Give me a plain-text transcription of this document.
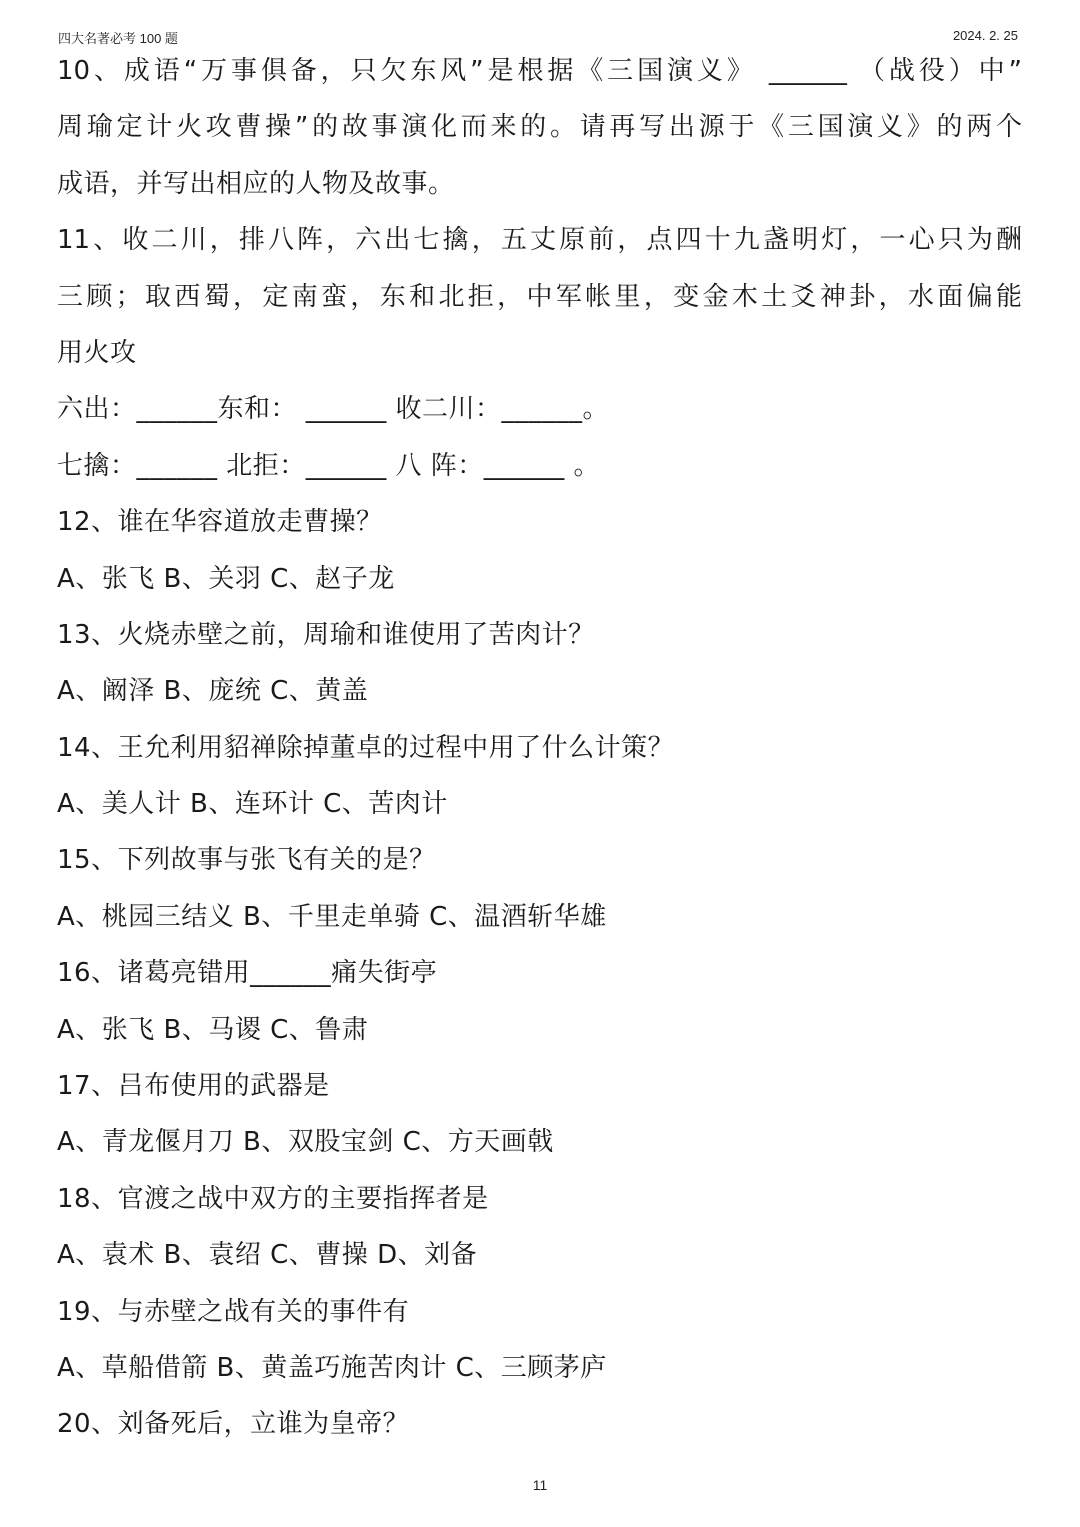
四大名著必考 100 题	2024. 2. 25
10、成语“万事俱备，只欠东风”是根据《三国演义》 ______ （战役）中”
周瑜定计火攻曹操”的故事演化而来的。请再写出源于《三国演义》的两个
成语，并写出相应的人物及故事。
11、收二川，排八阵，六出七擒，五丈原前，点四十九盏明灯，一心只为酬
三顾；取西蜀，定南蛮，东和北拒，中军帐里，变金木土爻神卦，水面偏能
用火攻
六出：______东和： ______ 收二川：______。
七擒：______ 北拒：______ 八 阵：______ 。
12、谁在华容道放走曹操？
A、张飞 B、关羽 C、赵子龙
13、火烧赤壁之前，周瑜和谁使用了苦肉计？
A、阚泽 B、庞统 C、黄盖
14、王允利用貂禅除掉董卓的过程中用了什么计策？
A、美人计 B、连环计 C、苦肉计
15、下列故事与张飞有关的是？
A、桃园三结义 B、千里走单骑 C、温酒斩华雄
16、诸葛亮错用______痛失街亭
A、张飞 B、马谡 C、鲁肃
17、吕布使用的武器是
A、青龙偃月刀 B、双股宝剑 C、方天画戟
18、官渡之战中双方的主要指挥者是
A、袁术 B、袁绍 C、曹操 D、刘备
19、与赤壁之战有关的事件有
A、草船借箭 B、黄盖巧施苦肉计 C、三顾茅庐
20、刘备死后，立谁为皇帝？
11
